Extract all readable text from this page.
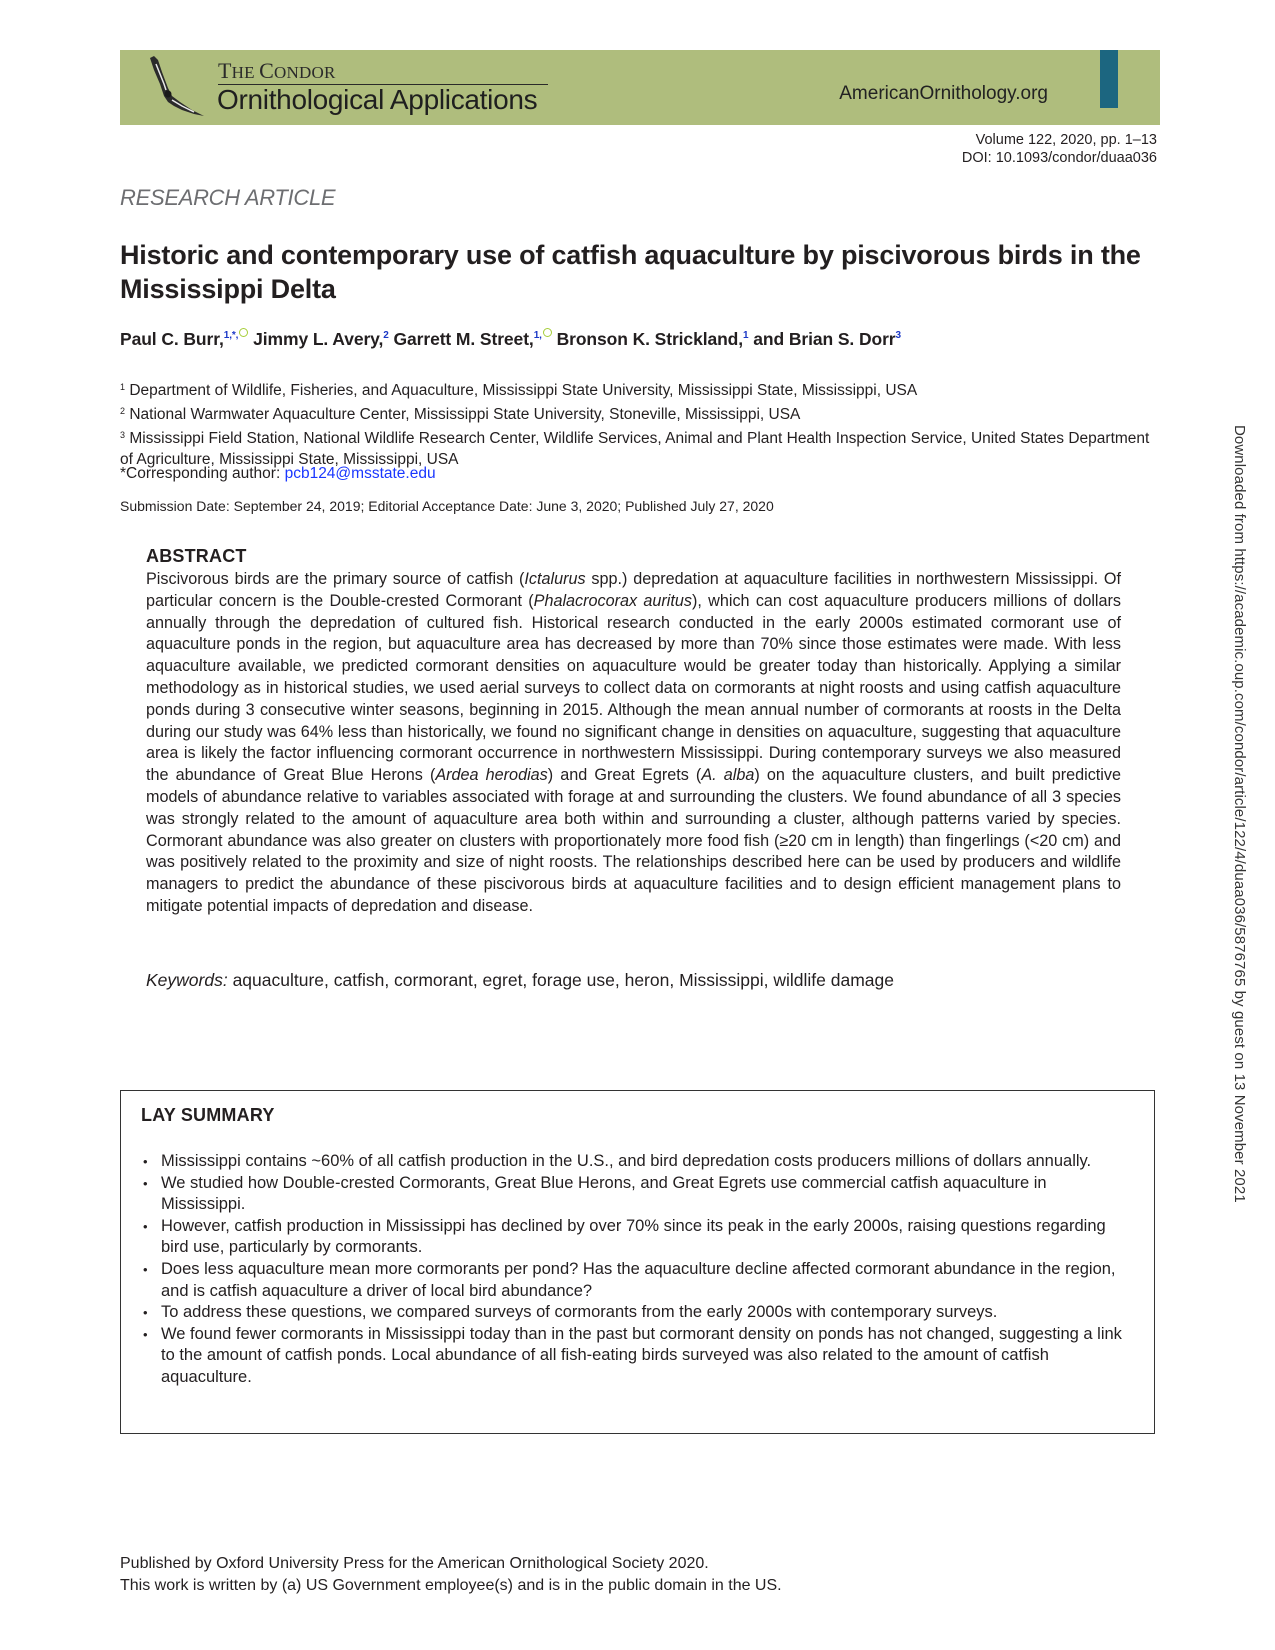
THE CONDOR
Ornithological Applications	AmericanOrnithology.org
Volume 122, 2020, pp. 1–13
DOI: 10.1093/condor/duaa036
RESEARCH ARTICLE
Historic and contemporary use of catfish aquaculture by piscivorous birds in the Mississippi Delta
Paul C. Burr,$^{1,*,}$ Jimmy L. Avery,$^2$ Garrett M. Street,$^{1,}$ Bronson K. Strickland,$^1$ and Brian S. Dorr$^3$
$^1$ Department of Wildlife, Fisheries, and Aquaculture, Mississippi State University, Mississippi State, Mississippi, USA
$^2$ National Warmwater Aquaculture Center, Mississippi State University, Stoneville, Mississippi, USA
$^3$ Mississippi Field Station, National Wildlife Research Center, Wildlife Services, Animal and Plant Health Inspection Service, United States Department of Agriculture, Mississippi State, Mississippi, USA
*Corresponding author: pcb124@msstate.edu
Submission Date: September 24, 2019; Editorial Acceptance Date: June 3, 2020; Published July 27, 2020
ABSTRACT
Piscivorous birds are the primary source of catfish (Ictalurus spp.) depredation at aquaculture facilities in northwestern Mississippi. Of particular concern is the Double-crested Cormorant (Phalacrocorax auritus), which can cost aquaculture producers millions of dollars annually through the depredation of cultured fish. Historical research conducted in the early 2000s estimated cormorant use of aquaculture ponds in the region, but aquaculture area has decreased by more than 70% since those estimates were made. With less aquaculture available, we predicted cormorant densities on aquaculture would be greater today than historically. Applying a similar methodology as in historical studies, we used aerial surveys to collect data on cormorants at night roosts and using catfish aquaculture ponds during 3 consecutive winter seasons, beginning in 2015. Although the mean annual number of cormorants at roosts in the Delta during our study was 64% less than historically, we found no significant change in densities on aquaculture, suggesting that aquaculture area is likely the factor influencing cormorant occurrence in northwestern Mississippi. During contemporary surveys we also measured the abundance of Great Blue Herons (Ardea herodias) and Great Egrets (A. alba) on the aquaculture clusters, and built predictive models of abundance relative to variables associated with forage at and surrounding the clusters. We found abundance of all 3 species was strongly related to the amount of aquaculture area both within and surrounding a cluster, although patterns varied by species. Cormorant abundance was also greater on clusters with proportionately more food fish (≥20 cm in length) than fingerlings (<20 cm) and was positively related to the proximity and size of night roosts. The relationships described here can be used by producers and wildlife managers to predict the abundance of these piscivorous birds at aquaculture facilities and to design efficient management plans to mitigate potential impacts of depredation and disease.
Keywords: aquaculture, catfish, cormorant, egret, forage use, heron, Mississippi, wildlife damage
LAY SUMMARY
• Mississippi contains ~60% of all catfish production in the U.S., and bird depredation costs producers millions of dollars annually.
• We studied how Double-crested Cormorants, Great Blue Herons, and Great Egrets use commercial catfish aquaculture in Mississippi.
• However, catfish production in Mississippi has declined by over 70% since its peak in the early 2000s, raising questions regarding bird use, particularly by cormorants.
• Does less aquaculture mean more cormorants per pond? Has the aquaculture decline affected cormorant abundance in the region, and is catfish aquaculture a driver of local bird abundance?
• To address these questions, we compared surveys of cormorants from the early 2000s with contemporary surveys.
• We found fewer cormorants in Mississippi today than in the past but cormorant density on ponds has not changed, suggesting a link to the amount of catfish ponds. Local abundance of all fish-eating birds surveyed was also related to the amount of catfish aquaculture.
Published by Oxford University Press for the American Ornithological Society 2020.
This work is written by (a) US Government employee(s) and is in the public domain in the US.
Downloaded from https://academic.oup.com/condor/article/122/4/duaa036/5876765 by guest on 13 November 2021
